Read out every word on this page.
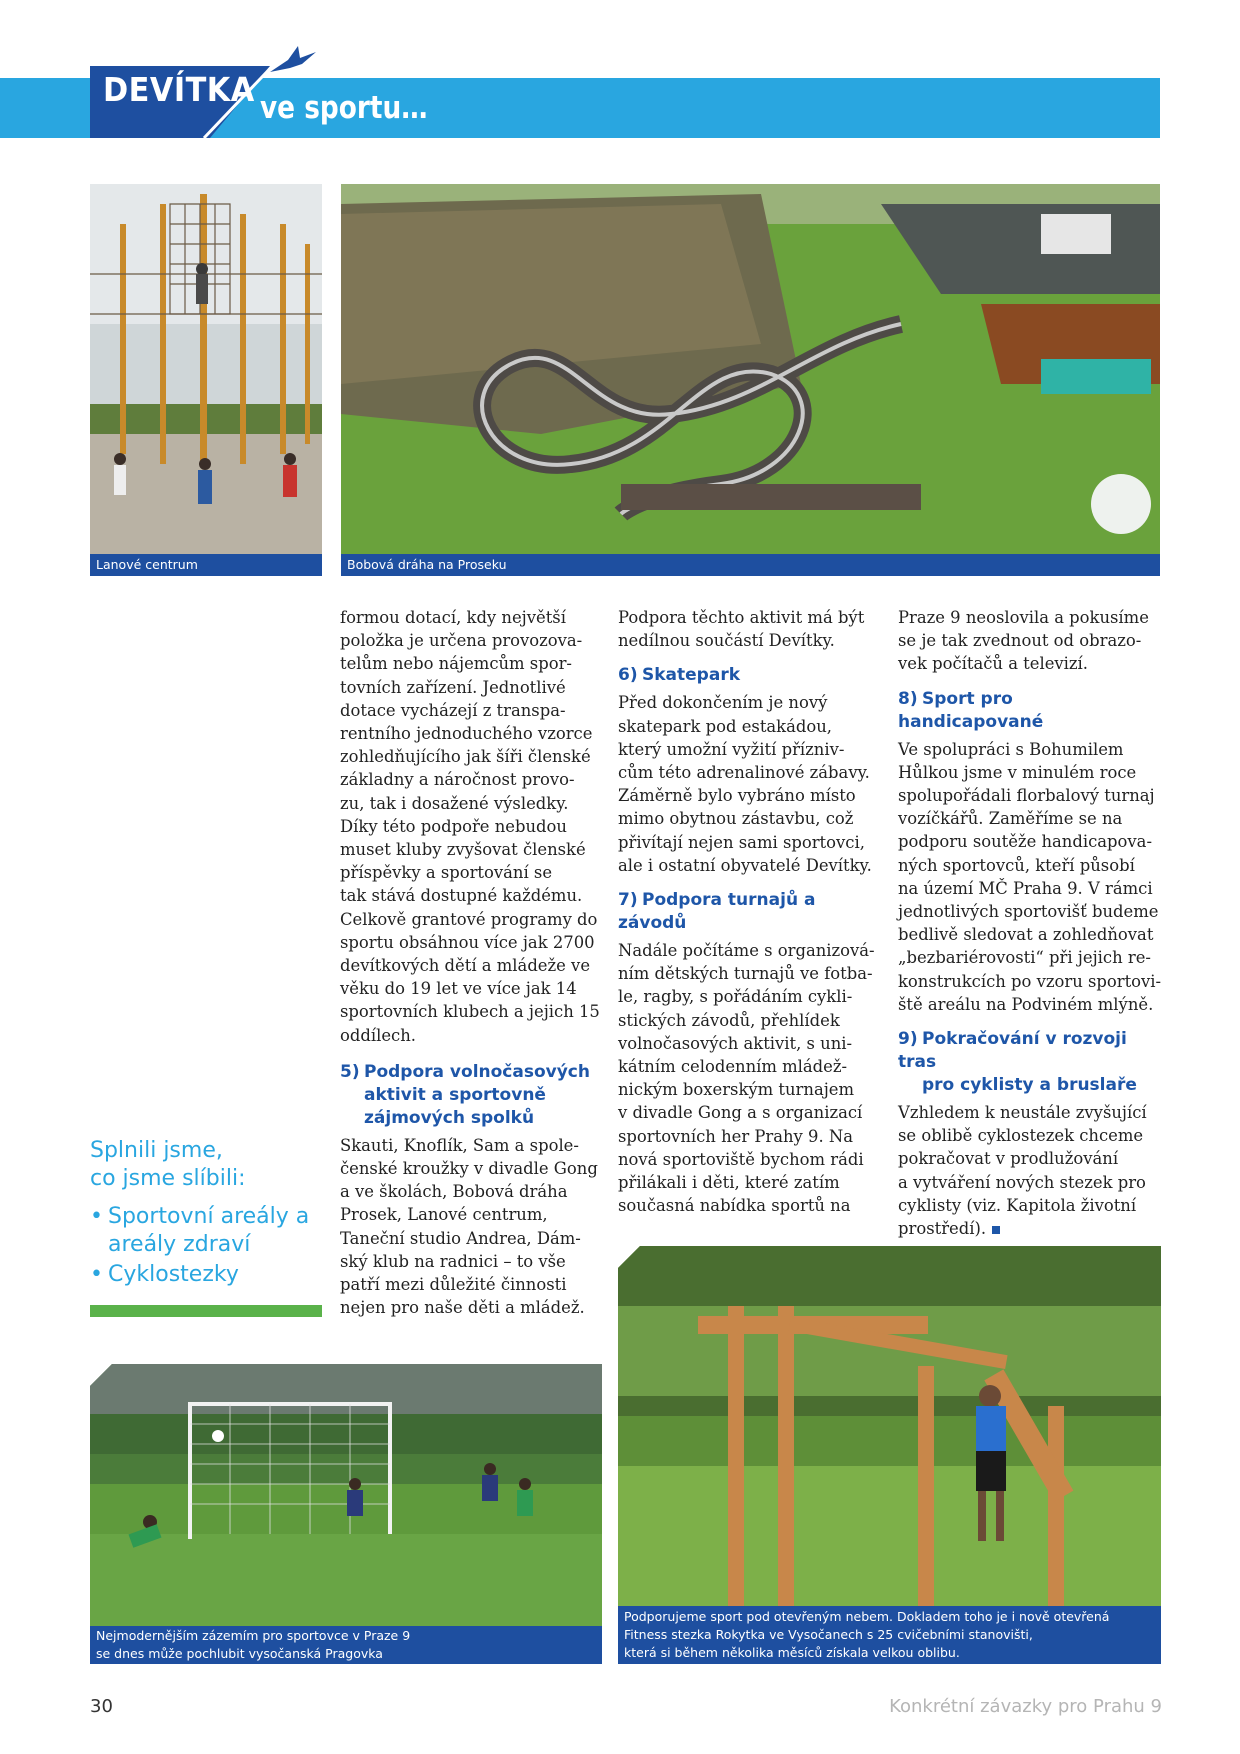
DEVÍTKA ve sportu…
Lanové centrum	Bobová dráha na Proseku

formou dotací, kdy největší
položka je určena provozova-
telům nebo nájemcům spor-
tovních zařízení. Jednotlivé
dotace vycházejí z transpa-
rentního jednoduchého vzorce
zohledňujícího jak šíři členské
základny a náročnost provo-
zu, tak i dosažené výsledky.
Díky této podpoře nebudou
muset kluby zvyšovat členské
příspěvky a sportování se
tak stává dostupné každému.
Celkově grantové programy do
sportu obsáhnou více jak 2700
devítkových dětí a mládeže ve
věku do 19 let ve více jak 14
sportovních klubech a jejich 15
oddílech.

5) Podpora volnočasových
aktivit a sportovně
zájmových spolků

Skauti, Knoflík, Sam a spole-
čenské kroužky v divadle Gong
a ve školách, Bobová dráha
Prosek, Lanové centrum,
Taneční studio Andrea, Dám-
ský klub na radnici – to vše
patří mezi důležité činnosti
nejen pro naše děti a mládež.

Podpora těchto aktivit má být
nedílnou součástí Devítky.

6) Skatepark

Před dokončením je nový
skatepark pod estakádou,
který umožní vyžití přízniv-
cům této adrenalinové zábavy.
Záměrně bylo vybráno místo
mimo obytnou zástavbu, což
přivítají nejen sami sportovci,
ale i ostatní obyvatelé Devítky.

7) Podpora turnajů a závodů

Nadále počítáme s organizová-
ním dětských turnajů ve fotba-
le, ragby, s pořádáním cykli-
stických závodů, přehlídek
volnočasových aktivit, s uni-
kátním celodenním mládež-
nickým boxerským turnajem
v divadle Gong a s organizací
sportovních her Prahy 9. Na
nová sportoviště bychom rádi
přilákali i děti, které zatím
současná nabídka sportů na

Praze 9 neoslovila a pokusíme
se je tak zvednout od obrazo-
vek počítačů a televizí.

8) Sport pro handicapované

Ve spolupráci s Bohumilem
Hůlkou jsme v minulém roce
spolupořádali florbalový turnaj
vozíčkářů. Zaměříme se na
podporu soutěže handicapova-
ných sportovců, kteří působí
na území MČ Praha 9. V rámci
jednotlivých sportovišť budeme
bedlivě sledovat a zohledňovat
„bezbariérovosti“ při jejich re-
konstrukcích po vzoru sportovi-
ště areálu na Podviném mlýně.

9) Pokračování v rozvoji tras
pro cyklisty a bruslaře

Vzhledem k neustále zvyšující
se oblibě cyklostezek chceme
pokračovat v prodlužování
a vytváření nových stezek pro
cyklisty (viz. Kapitola životní
prostředí).

Splnili jsme,
co jsme slíbili:
• Sportovní areály a areály zdraví
• Cyklostezky
Nejmodernějším zázemím pro sportovce v Praze 9
se dnes může pochlubit vysočanská Pragovka
Podporujeme sport pod otevřeným nebem. Dokladem toho je i nově otevřená
Fitness stezka Rokytka ve Vysočanech s 25 cvičebními stanovišti,
která si během několika měsíců získala velkou oblibu.
30	Konkrétní závazky pro Prahu 9
